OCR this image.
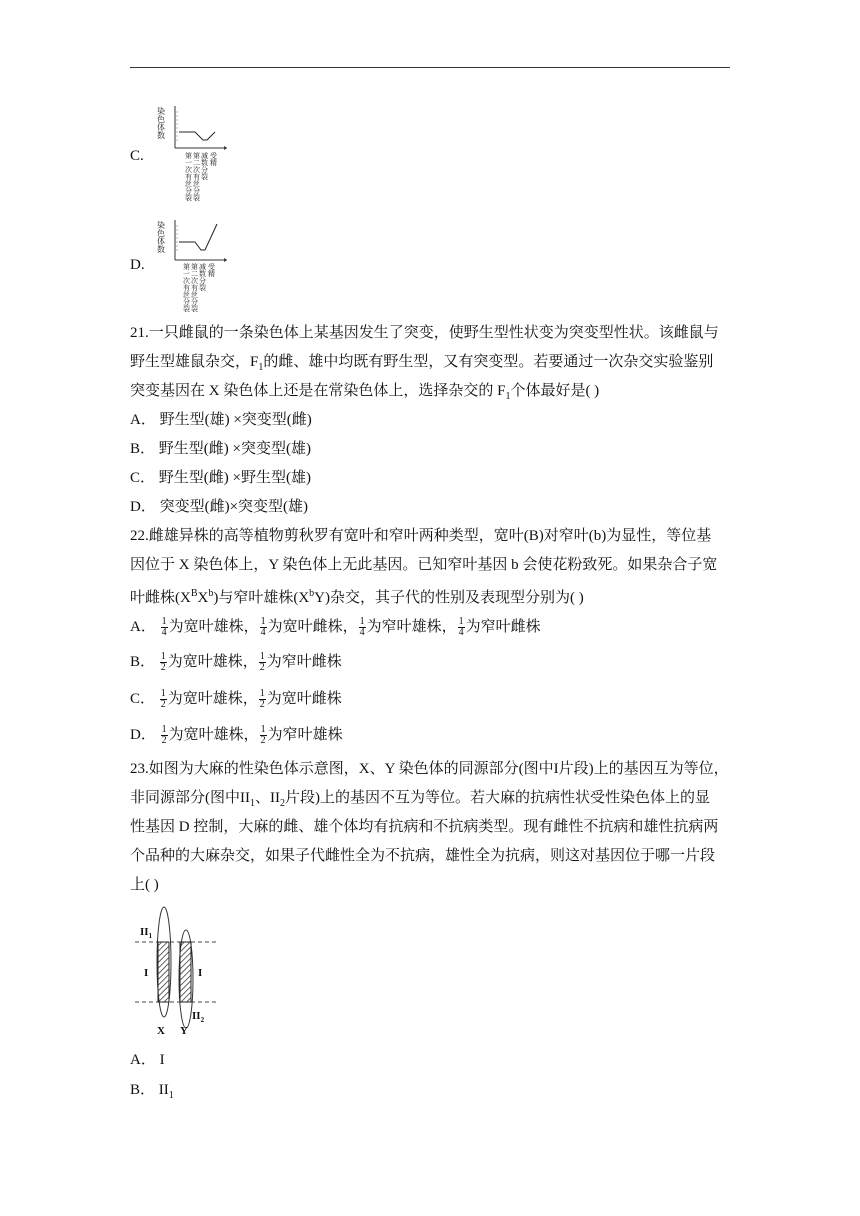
C.
染
色
体
数
第
一
次
有
丝
分
裂
第
二
次
有
丝
分
裂
减
数
分
裂
受
精
D.
染
色
体
数
第
一
次
有
丝
分
裂
第
二
次
有
丝
分
裂
减
数
分
裂
受
精
21.一只雌鼠的一条染色体上某基因发生了突变，使野生型性状变为突变型性状。该雌鼠与
野生型雄鼠杂交，$F_1$的雌、雄中均既有野生型，又有突变型。若要通过一次杂交实验鉴别
突变基因在 X 染色体上还是在常染色体上，选择杂交的 $F_1$个体最好是( )
A． 野生型(雄) ×突变型(雌)
B． 野生型(雌) ×突变型(雄)
C． 野生型(雌) ×野生型(雄)
D． 突变型(雌)×突变型(雄)
22.雌雄异株的高等植物剪秋罗有宽叶和窄叶两种类型，宽叶(B)对窄叶(b)为显性，等位基
因位于 X 染色体上，Y 染色体上无此基因。已知窄叶基因 b 会使花粉致死。如果杂合子宽
叶雌株$(X^BX^b)$与窄叶雄株$(X^bY)$杂交，其子代的性别及表现型分别为( )
A． $\frac{1}{4}$ 为宽叶雄株， $\frac{1}{4}$ 为宽叶雌株， $\frac{1}{4}$ 为窄叶雄株， $\frac{1}{4}$ 为窄叶雌株
B． $\frac{1}{2}$ 为宽叶雄株， $\frac{1}{2}$ 为窄叶雌株
C． $\frac{1}{2}$ 为宽叶雄株， $\frac{1}{2}$ 为宽叶雌株
D． $\frac{1}{2}$ 为宽叶雄株， $\frac{1}{2}$ 为窄叶雄株
23.如图为大麻的性染色体示意图，X、Y 染色体的同源部分(图中I片段)上的基因互为等位，
非同源部分(图中$II_1$、$II_2$片段)上的基因不互为等位。若大麻的抗病性状受性染色体上的显
性基因 D 控制，大麻的雌、雄个体均有抗病和不抗病类型。现有雌性不抗病和雄性抗病两
个品种的大麻杂交，如果子代雌性全为不抗病，雄性全为抗病，则这对基因位于哪一片段
上( )
$II_1$
I	I
$II_2$
X Y
A． I
B． $II_1$
